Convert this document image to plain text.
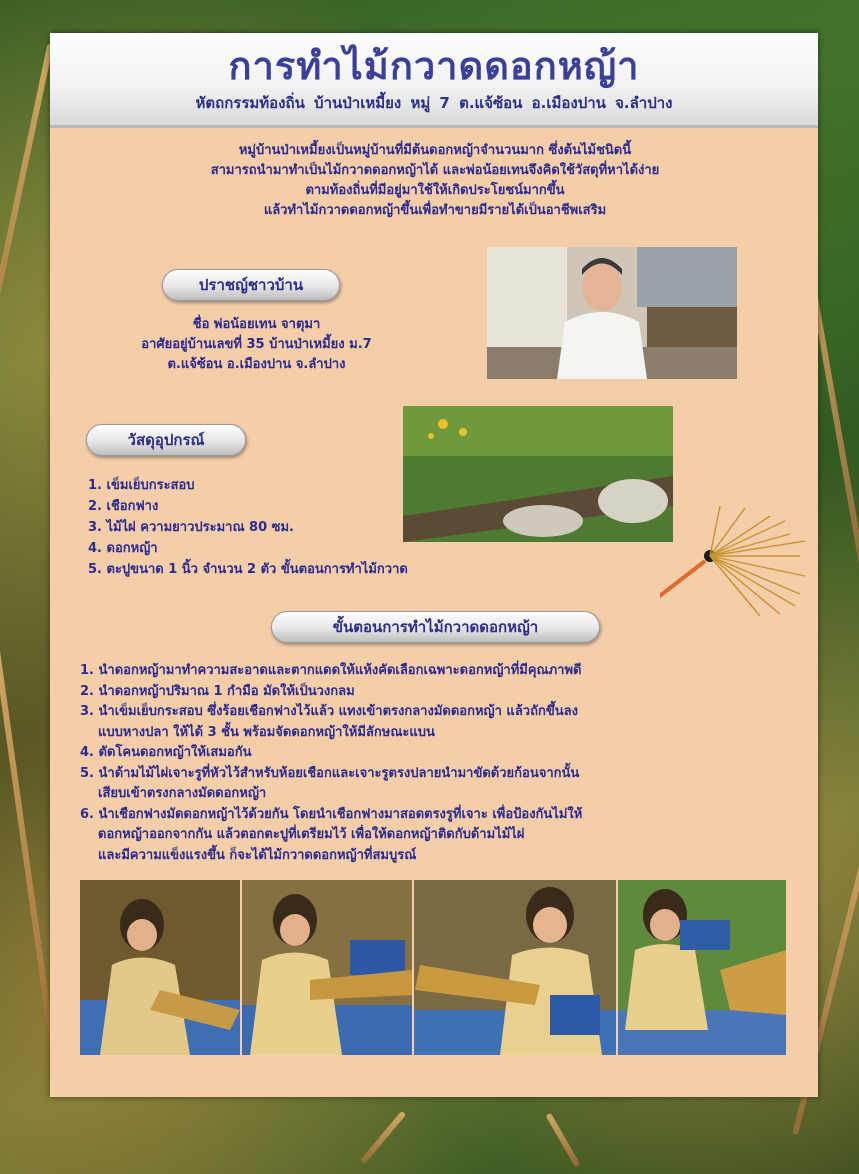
การทำไม้กวาดดอกหญ้า
หัตถกรรมท้องถิ่น บ้านป่าเหมี้ยง หมู่ 7 ต.แจ้ซ้อน อ.เมืองปาน จ.ลำปาง
หมู่บ้านป่าเหมี้ยงเป็นหมู่บ้านที่มีต้นดอกหญ้าจำนวนมาก ซึ่งต้นไม้ชนิดนี้
สามารถนำมาทำเป็นไม้กวาดดอกหญ้าได้ และพ่อน้อยเทนจึงคิดใช้วัสดุที่หาได้ง่าย
ตามท้องถิ่นที่มีอยู่มาใช้ให้เกิดประโยชน์มากขึ้น
แล้วทำไม้กวาดดอกหญ้าขึ้นเพื่อทำขายมีรายได้เป็นอาชีพเสริม
ปราชญ์ชาวบ้าน
ชื่อ พ่อน้อยเทน จาตุมา
อาศัยอยู่บ้านเลขที่ 35 บ้านป่าเหมี้ยง ม.7
ต.แจ้ซ้อน อ.เมืองปาน จ.ลำปาง
วัสดุอุปกรณ์
1. เข็มเย็บกระสอบ
2. เชือกฟาง
3. ไม้ไผ่ ความยาวประมาณ 80 ซม.
4. ดอกหญ้า
5. ตะปูขนาด 1 นิ้ว จำนวน 2 ตัว ขั้นตอนการทำไม้กวาด
ขั้นตอนการทำไม้กวาดดอกหญ้า
1. นำดอกหญ้ามาทำความสะอาดและตากแดดให้แห้งคัดเลือกเฉพาะดอกหญ้าที่มีคุณภาพดี
2. นำดอกหญ้าปริมาณ 1 กำมือ มัดให้เป็นวงกลม
3. นำเข็มเย็บกระสอบ ซึ่งร้อยเชือกฟางไว้แล้ว แทงเข้าตรงกลางมัดดอกหญ้า แล้วถักขึ้นลง
แบบหางปลา ให้ได้ 3 ชั้น พร้อมจัดดอกหญ้าให้มีลักษณะแบน
4. ตัดโคนดอกหญ้าให้เสมอกัน
5. นำด้ามไม้ไผ่เจาะรูที่หัวไว้สำหรับห้อยเชือกและเจาะรูตรงปลายนำมาขัดด้วยก้อนจากนั้น
เสียบเข้าตรงกลางมัดดอกหญ้า
6. นำเชือกฟางมัดดอกหญ้าไว้ด้วยกัน โดยนำเชือกฟางมาสอดตรงรูที่เจาะ เพื่อป้องกันไม่ให้
ดอกหญ้าออกจากกัน แล้วตอกตะปูที่เตรียมไว้ เพื่อให้ดอกหญ้าติดกับด้ามไม้ไผ่
และมีความแข็งแรงขึ้น ก็จะได้ไม้กวาดดอกหญ้าที่สมบูรณ์
